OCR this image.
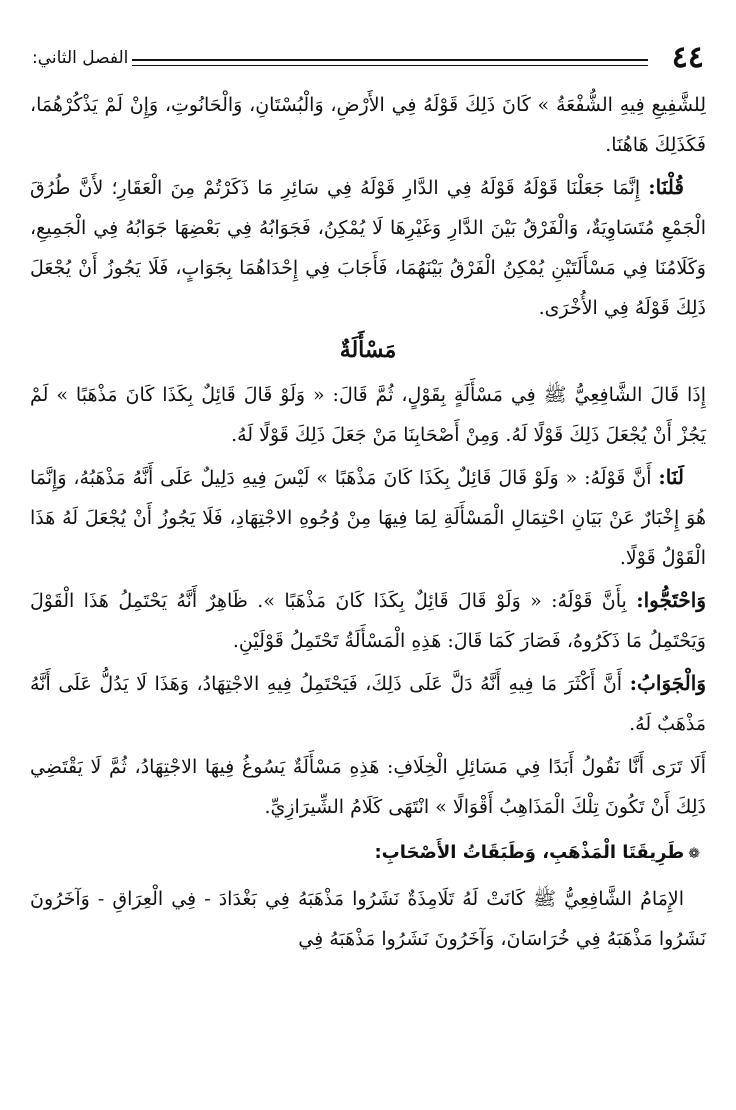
٤٤
الفصل الثاني:

لِلشَّفِيعِ فِيهِ الشُّفْعَةُ » كَانَ ذَلِكَ قَوْلَهُ فِي الأَرْضِ، وَالْبُسْتَانِ، وَالْحَانُوتِ، وَإِنْ لَمْ يَذْكُرْهُمَا، فَكَذَلِكَ هَاهُنَا.

قُلْنَا: إِنَّمَا جَعَلْنَا قَوْلَهُ قَوْلَهُ فِي الدَّارِ قَوْلَهُ فِي سَائِرِ مَا ذَكَرْتُمْ مِنَ الْعَقَارِ؛ لأَنَّ طُرُقَ الْجَمْعِ مُتَسَاوِيَةٌ، وَالْفَرْقُ بَيْنَ الدَّارِ وَغَيْرِهَا لَا يُمْكِنُ، فَجَوَابُهُ فِي بَعْضِهَا جَوَابُهُ فِي الْجَمِيعِ، وَكَلَامُنَا فِي مَسْأَلَتَيْنِ يُمْكِنُ الْفَرْقُ بَيْنَهُمَا، فَأَجَابَ فِي إِحْدَاهُمَا بِجَوَابٍ، فَلَا يَجُوزُ أَنْ يُجْعَلَ ذَلِكَ قَوْلَهُ فِي الأُخْرَى.

مَسْأَلَةٌ

إِذَا قَالَ الشَّافِعِيُّ ﷺ فِي مَسْأَلَةٍ بِقَوْلٍ، ثُمَّ قَالَ: « وَلَوْ قَالَ قَائِلٌ بِكَذَا كَانَ مَذْهَبًا » لَمْ يَجُزْ أَنْ يُجْعَلَ ذَلِكَ قَوْلًا لَهُ. وَمِنْ أَصْحَابِنَا مَنْ جَعَلَ ذَلِكَ قَوْلًا لَهُ.

لَنَا: أَنَّ قَوْلَهُ: « وَلَوْ قَالَ قَائِلٌ بِكَذَا كَانَ مَذْهَبًا » لَيْسَ فِيهِ دَلِيلٌ عَلَى أَنَّهُ مَذْهَبُهُ، وَإِنَّمَا هُوَ إِخْبَارٌ عَنْ بَيَانِ احْتِمَالِ الْمَسْأَلَةِ لِمَا فِيهَا مِنْ وُجُوهِ الاجْتِهَادِ، فَلَا يَجُوزُ أَنْ يُجْعَلَ لَهُ هَذَا الْقَوْلُ قَوْلًا.

وَاحْتَجُّوا: بِأَنَّ قَوْلَهُ: « وَلَوْ قَالَ قَائِلٌ بِكَذَا كَانَ مَذْهَبًا ». ظَاهِرٌ أَنَّهُ يَحْتَمِلُ هَذَا الْقَوْلَ وَيَحْتَمِلُ مَا ذَكَرُوهُ، فَصَارَ كَمَا قَالَ: هَذِهِ الْمَسْأَلَةُ تَحْتَمِلُ قَوْلَيْنِ.

وَالْجَوَابُ: أَنَّ أَكْثَرَ مَا فِيهِ أَنَّهُ دَلَّ عَلَى ذَلِكَ، فَيَحْتَمِلُ فِيهِ الاجْتِهَادُ، وَهَذَا لَا يَدُلُّ عَلَى أَنَّهُ مَذْهَبٌ لَهُ.

أَلَا تَرَى أَنَّا نَقُولُ أَبَدًا فِي مَسَائِلِ الْخِلَافِ: هَذِهِ مَسْأَلَةٌ يَسُوغُ فِيهَا الاجْتِهَادُ، ثُمَّ لَا يَقْتَضِي ذَلِكَ أَنْ تَكُونَ تِلْكَ الْمَذَاهِبُ أَقْوَالًا » انْتَهَى كَلَامُ الشِّيرَازِيِّ.

❁طَرِيقَتَا الْمَذْهَبِ، وَطَبَقَاتُ الأَصْحَابِ:

الإِمَامُ الشَّافِعِيُّ ﷺ كَانَتْ لَهُ تَلَامِذَةٌ نَشَرُوا مَذْهَبَهُ فِي بَغْدَادَ - فِي الْعِرَاقِ - وَآخَرُونَ نَشَرُوا مَذْهَبَهُ فِي خُرَاسَانَ، وَآخَرُونَ نَشَرُوا مَذْهَبَهُ فِي
